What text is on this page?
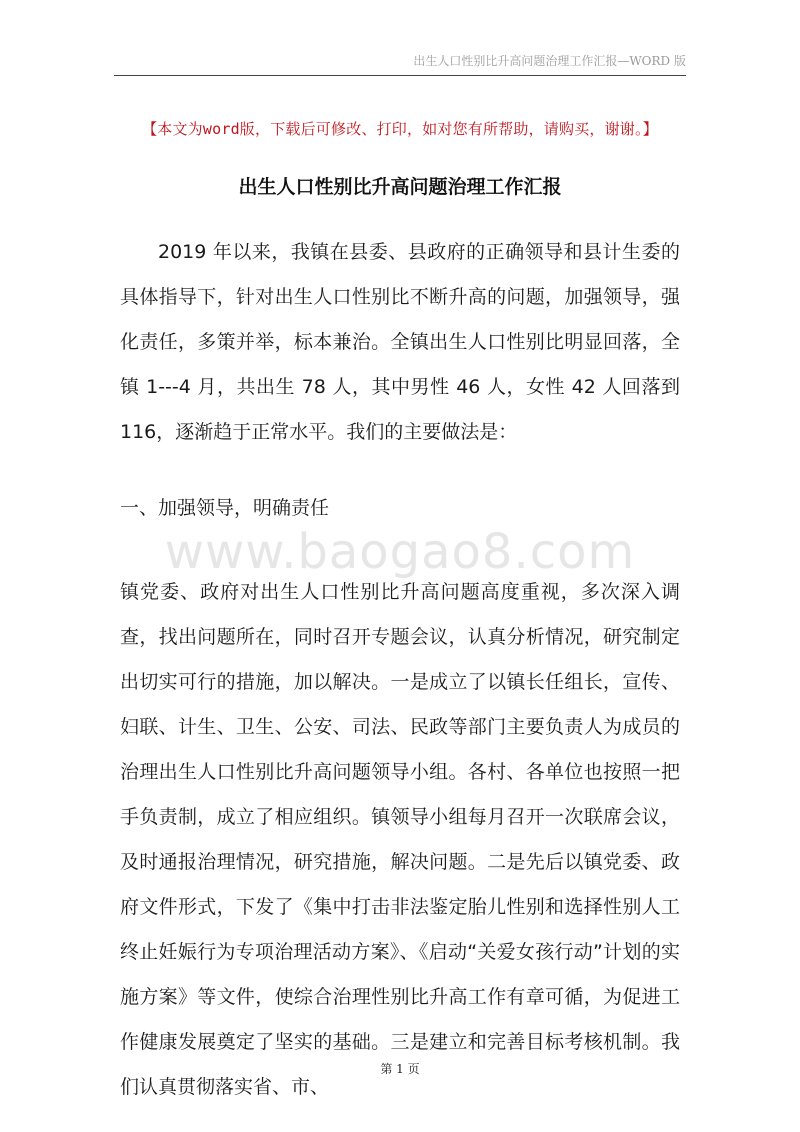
出生人口性别比升高问题治理工作汇报—WORD 版
【本文为word版，下载后可修改、打印，如对您有所帮助，请购买，谢谢。】
出生人口性别比升高问题治理工作汇报

2019 年以来，我镇在县委、县政府的正确领导和县计生委的具体指导下，针对出生人口性别比不断升高的问题，加强领导，强化责任，多策并举，标本兼治。全镇出生人口性别比明显回落，全镇 1---4 月，共出生 78 人，其中男性 46 人，女性 42 人回落到 116，逐渐趋于正常水平。我们的主要做法是：

一、加强领导，明确责任
www.baogao8.com

镇党委、政府对出生人口性别比升高问题高度重视，多次深入调查，找出问题所在，同时召开专题会议，认真分析情况，研究制定出切实可行的措施，加以解决。一是成立了以镇长任组长，宣传、妇联、计生、卫生、公安、司法、民政等部门主要负责人为成员的治理出生人口性别比升高问题领导小组。各村、各单位也按照一把手负责制，成立了相应组织。镇领导小组每月召开一次联席会议，及时通报治理情况，研究措施，解决问题。二是先后以镇党委、政府文件形式，下发了《集中打击非法鉴定胎儿性别和选择性别人工终止妊娠行为专项治理活动方案》、《启动“关爱女孩行动”计划的实施方案》等文件，使综合治理性别比升高工作有章可循，为促进工作健康发展奠定了坚实的基础。三是建立和完善目标考核机制。我们认真贯彻落实省、市、

第 1 页
